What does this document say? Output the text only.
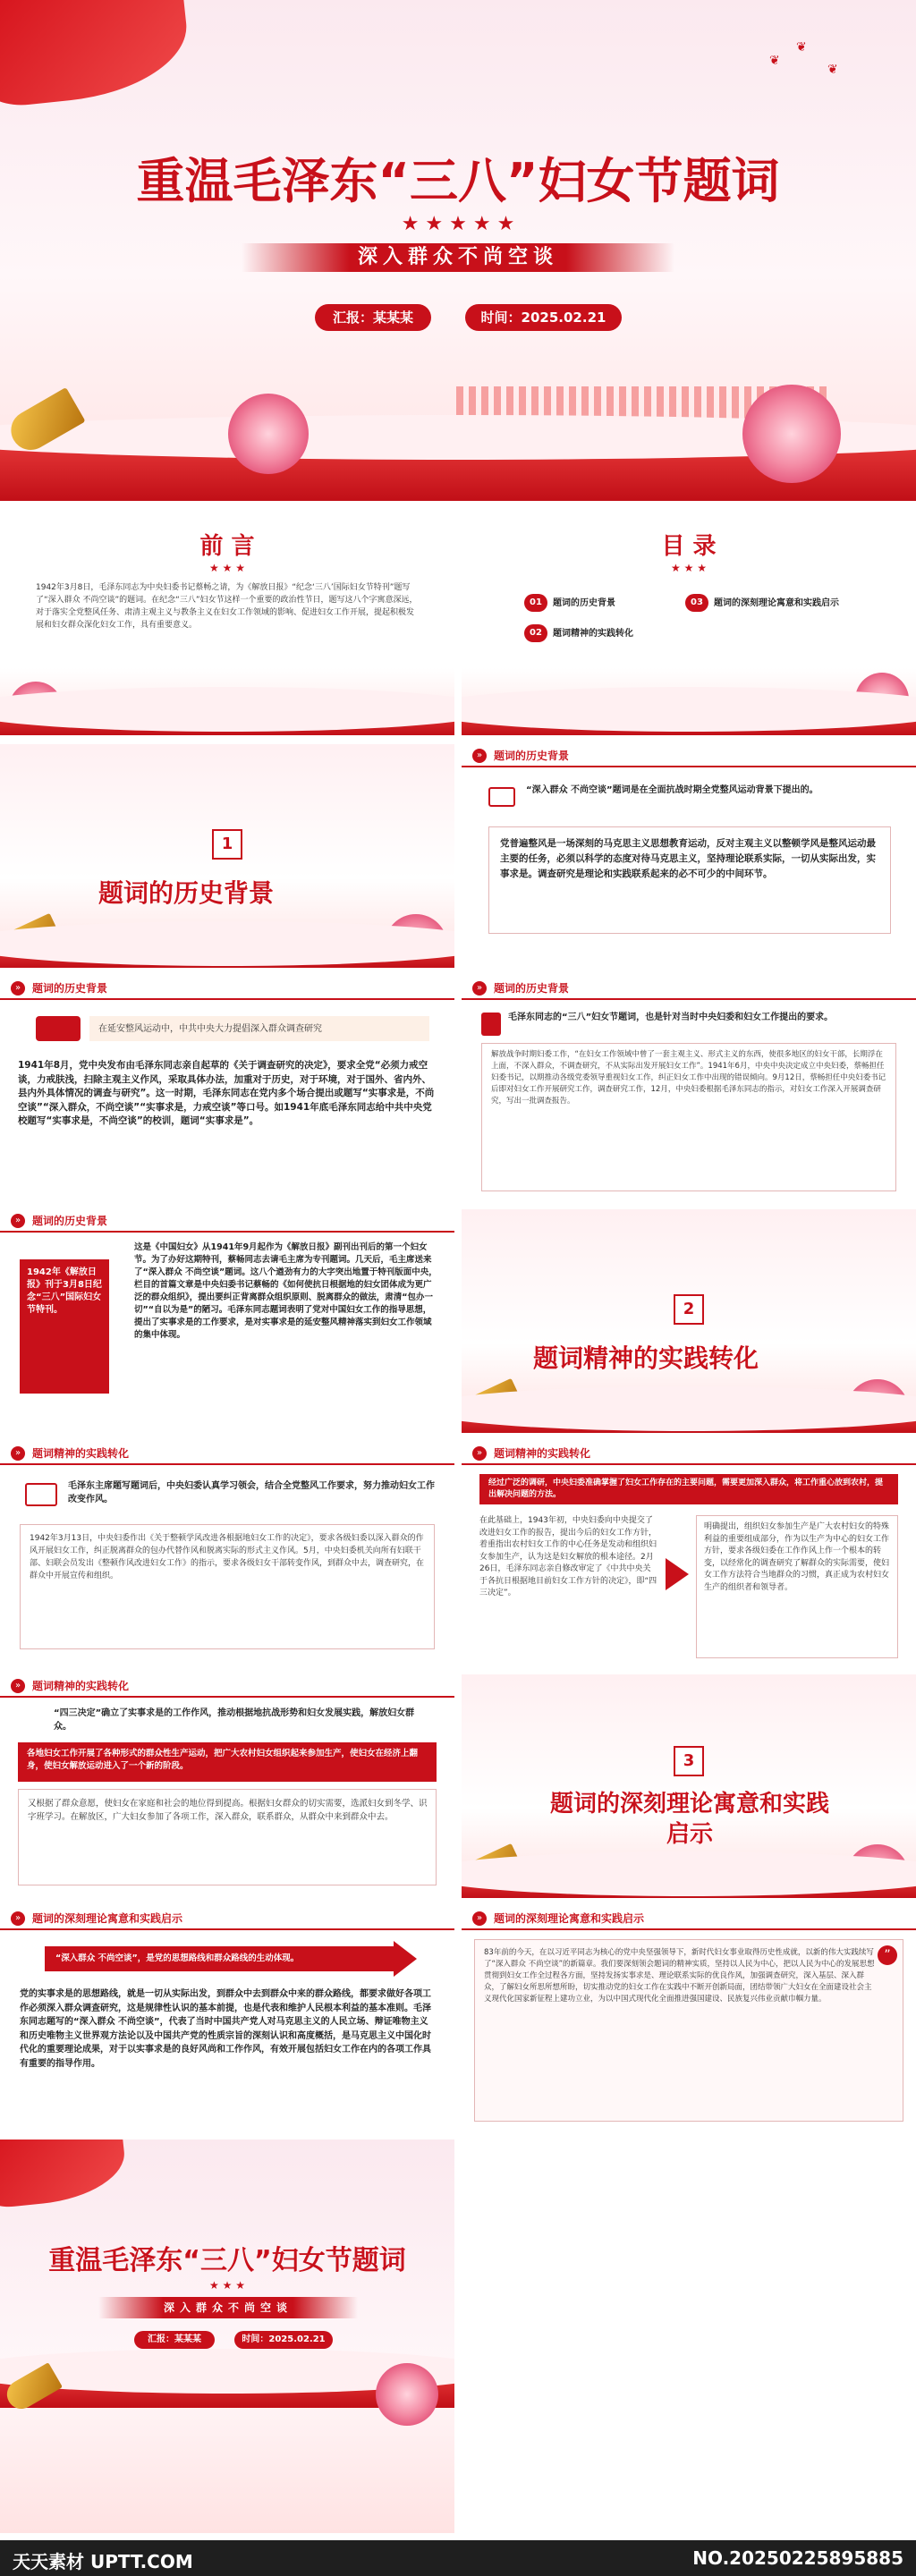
❦
❦
❦
重温毛泽东“三八”妇女节题词
★ ★ ★ ★ ★
深入群众不尚空谈
汇报：某某某	时间：2025.02.21
前 言
★ ★ ★
1942年3月8日，毛泽东同志为中央妇委书记蔡畅之请，为《解放日报》“纪念‘三八’国际妇女节特刊”题写了“深入群众 不尚空谈”的题词。在纪念“三八”妇女节这样一个重要的政治性节日，题写这八个字寓意深远，对于落实全党整风任务、肃清主观主义与教条主义在妇女工作领域的影响、促进妇女工作开展，提起积极发展和妇女群众深化妇女工作，具有重要意义。
目 录
★ ★ ★
01	题词的历史背景	03	题词的深刻理论寓意和实践启示
02	题词精神的实践转化
1
题词的历史背景
»	题词的历史背景
“深入群众 不尚空谈”题词是在全面抗战时期全党整风运动背景下提出的。
党普遍整风是一场深刻的马克思主义思想教育运动，反对主观主义以整顿学风是整风运动最主要的任务，必须以科学的态度对待马克思主义，坚持理论联系实际，一切从实际出发，实事求是。调查研究是理论和实践联系起来的必不可少的中间环节。
»	题词的历史背景
在延安整风运动中，中共中央大力提倡深入群众调查研究
1941年8月，党中央发布由毛泽东同志亲自起草的《关于调查研究的决定》，要求全党“必须力戒空谈，力戒肤浅，扫除主观主义作风，采取具体办法，加重对于历史，对于环境，对于国外、省内外、县内外具体情况的调查与研究”。这一时期，毛泽东同志在党内多个场合提出或题写“实事求是，不尚空谈”“深入群众，不尚空谈”“实事求是，力戒空谈”等口号。如1941年底毛泽东同志给中共中央党校题写“实事求是，不尚空谈”的校训，题词“实事求是”。
»	题词的历史背景
毛泽东同志的“三八”妇女节题词，也是针对当时中央妇委和妇女工作提出的要求。
解放战争时期妇委工作，“在妇女工作领域中曾了一套主观主义、形式主义的东西，使很多地区的妇女干部，长期浮在上面，不深入群众，不调查研究，不从实际出发开展妇女工作”。1941年6月，中央中央决定成立中央妇委，蔡畅担任妇委书记，以期推动各级党委领导重视妇女工作，纠正妇女工作中出现的错误倾向。9月12日，蔡畅担任中央妇委书记后即对妇女工作开展研究工作，调查研究工作，12月，中央妇委根据毛泽东同志的指示，对妇女工作深入开展调查研究，写出一批调查报告。
»	题词的历史背景
1942年《解放日报》刊于3月8日纪念“三八”国际妇女节特刊。
这是《中国妇女》从1941年9月起作为《解放日报》副刊出刊后的第一个妇女节。为了办好这期特刊，蔡畅同志去请毛主席为专刊题词。几天后，毛主席送来了“深入群众 不尚空谈”题词。这八个遒劲有力的大字突出地置于特刊版面中央，栏目的首篇文章是中央妇委书记蔡畅的《如何使抗日根据地的妇女团体成为更广泛的群众组织》，提出要纠正背离群众组织原则、脱离群众的做法，肃清“包办一切”“自以为是”的陋习。毛泽东同志题词表明了党对中国妇女工作的指导思想，提出了实事求是的工作要求，是对实事求是的延安整风精神落实到妇女工作领域的集中体现。
2
题词精神的实践转化
»	题词精神的实践转化
毛泽东主席题写题词后，中央妇委认真学习领会，结合全党整风工作要求，努力推动妇女工作改变作风。
1942年3月13日，中央妇委作出《关于整顿学风改进各根据地妇女工作的决定》，要求各级妇委以深入群众的作风开展妇女工作，纠正脱离群众的包办代替作风和脱离实际的形式主义作风。5月，中央妇委机关向所有妇联干部、妇联会员发出《整顿作风改进妇女工作》的指示，要求各级妇女干部转变作风，到群众中去，调查研究，在群众中开展宣传和组织。
»	题词精神的实践转化
经过广泛的调研，中央妇委准确掌握了妇女工作存在的主要问题，需要更加深入群众，将工作重心放到农村，提出解决问题的方法。
在此基础上，1943年初，中央妇委向中央提交了改进妇女工作的报告，提出今后的妇女工作方针，着重指出农村妇女工作的中心任务是发动和组织妇女参加生产，认为这是妇女解放的根本途径。2月26日，毛泽东同志亲自修改审定了《中共中央关于各抗日根据地目前妇女工作方针的决定》，即“四三决定”。
明确提出，组织妇女参加生产是广大农村妇女的特殊利益的重要组成部分，作为以生产为中心的妇女工作方针，要求各级妇委在工作作风上作一个根本的转变，以经常化的调查研究了解群众的实际需要，使妇女工作方法符合当地群众的习惯，真正成为农村妇女生产的组织者和领导者。
»	题词精神的实践转化
“四三决定”确立了实事求是的工作作风，推动根据地抗战形势和妇女发展实践，解放妇女群众。
各地妇女工作开展了各种形式的群众性生产运动，把广大农村妇女组织起来参加生产，使妇女在经济上翻身，使妇女解放运动进入了一个新的阶段。
又根据了群众意愿，使妇女在家庭和社会的地位得到提高。根据妇女群众的切实需要，选派妇女到冬学、识字班学习。在解放区，广大妇女参加了各项工作，深入群众，联系群众，从群众中来到群众中去。
3
题词的深刻理论寓意和实践启示
»	题词的深刻理论寓意和实践启示
“深入群众 不尚空谈”，是党的思想路线和群众路线的生动体现。
党的实事求是的思想路线，就是一切从实际出发，到群众中去到群众中来的群众路线，都要求做好各项工作必须深入群众调查研究，这是规律性认识的基本前提，也是代表和维护人民根本利益的基本准则。毛泽东同志题写的“深入群众 不尚空谈”，代表了当时中国共产党人对马克思主义的人民立场、辩证唯物主义和历史唯物主义世界观方法论以及中国共产党的性质宗旨的深刻认识和高度概括，是马克思主义中国化时代化的重要理论成果，对于以实事求是的良好风尚和工作作风，有效开展包括妇女工作在内的各项工作具有重要的指导作用。
»	题词的深刻理论寓意和实践启示
83年前的今天，在以习近平同志为核心的党中央坚强领导下，新时代妇女事业取得历史性成就，以新的伟大实践续写了“深入群众 不尚空谈”的新篇章。我们要深刻领会题词的精神实质，坚持以人民为中心，把以人民为中心的发展思想贯彻到妇女工作全过程各方面，坚持发扬实事求是、理论联系实际的优良作风，加强调查研究，深入基层、深入群众，了解妇女所思所想所盼，切实推动党的妇女工作在实践中不断开创新局面，团结带领广大妇女在全面建设社会主义现代化国家新征程上建功立业，为以中国式现代化全面推进强国建设、民族复兴伟业贡献巾帼力量。
”
重温毛泽东“三八”妇女节题词
★ ★ ★
深入群众不尚空谈
汇报：某某某	时间：2025.02.21
天天素材 UPTT.COM	NO.20250225895885
